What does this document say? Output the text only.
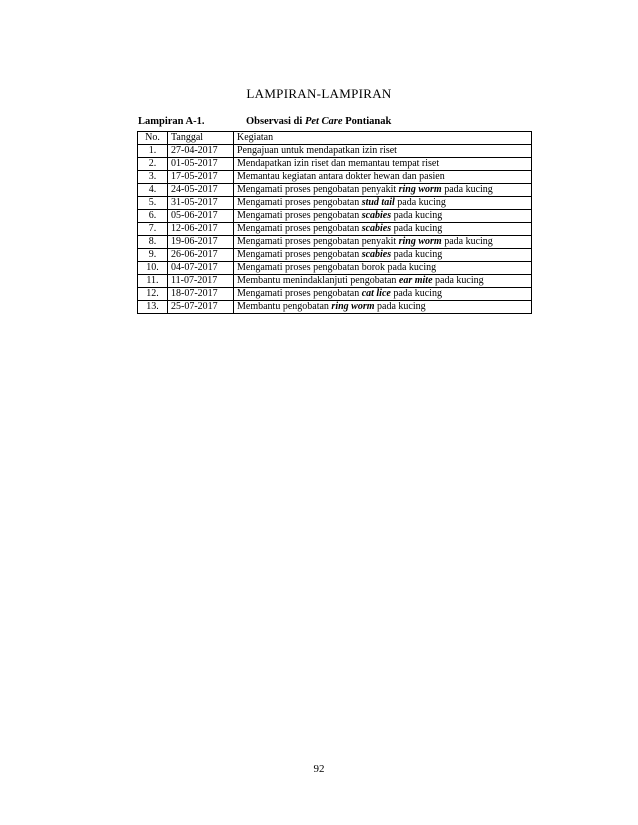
LAMPIRAN-LAMPIRAN
Lampiran A-1.	Observasi di Pet Care Pontianak
No.	Tanggal	Kegiatan
1.	27-04-2017	Pengajuan untuk mendapatkan izin riset
2.	01-05-2017	Mendapatkan izin riset dan memantau tempat riset
3.	17-05-2017	Memantau kegiatan antara dokter hewan dan pasien
4.	24-05-2017	Mengamati proses pengobatan penyakit ring worm pada kucing
5.	31-05-2017	Mengamati proses pengobatan stud tail pada kucing
6.	05-06-2017	Mengamati proses pengobatan scabies pada kucing
7.	12-06-2017	Mengamati proses pengobatan scabies pada kucing
8.	19-06-2017	Mengamati proses pengobatan penyakit ring worm pada kucing
9.	26-06-2017	Mengamati proses pengobatan scabies pada kucing
10.	04-07-2017	Mengamati proses pengobatan borok pada kucing
11.	11-07-2017	Membantu menindaklanjuti pengobatan ear mite pada kucing
12.	18-07-2017	Mengamati proses pengobatan cat lice pada kucing
13.	25-07-2017	Membantu pengobatan ring worm pada kucing
92
